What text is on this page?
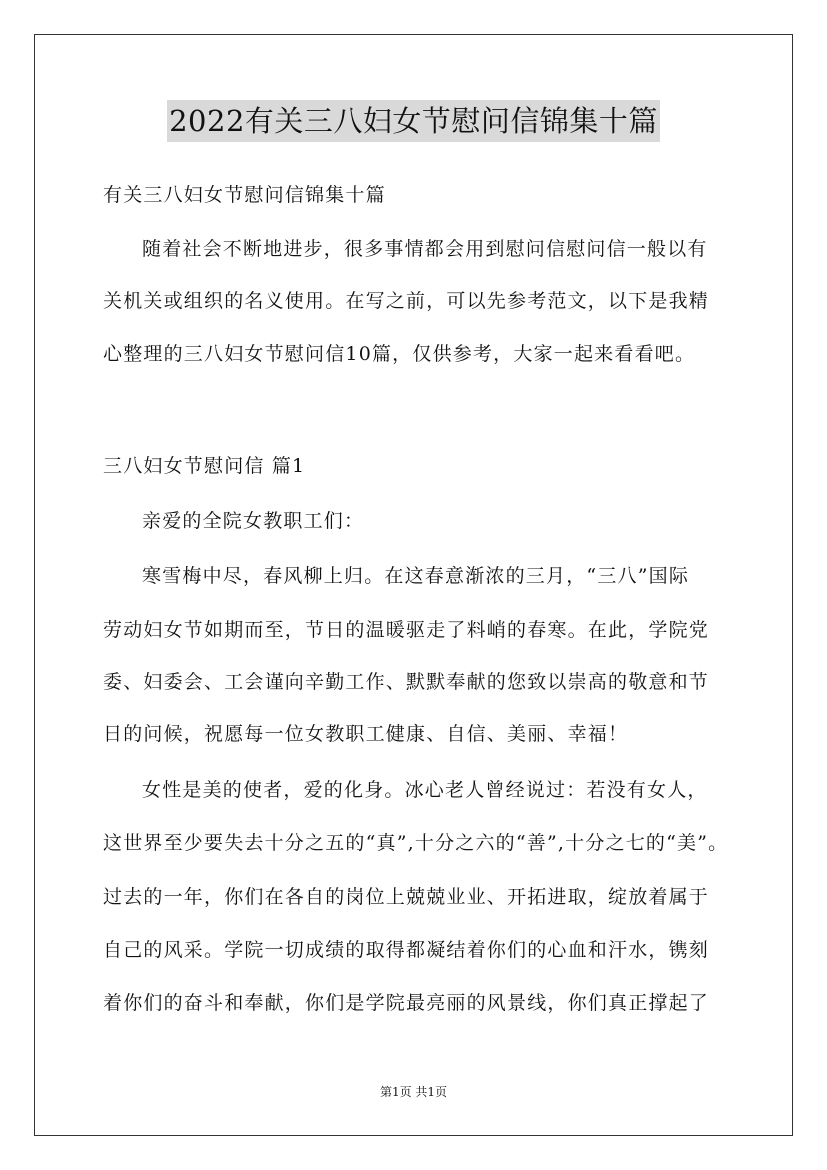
2022有关三八妇女节慰问信锦集十篇
有关三八妇女节慰问信锦集十篇
随着社会不断地进步，很多事情都会用到慰问信慰问信一般以有
关机关或组织的名义使用。在写之前，可以先参考范文，以下是我精
心整理的三八妇女节慰问信10篇，仅供参考，大家一起来看看吧。
三八妇女节慰问信 篇1
亲爱的全院女教职工们：
寒雪梅中尽，春风柳上归。在这春意渐浓的三月，“三八”国际
劳动妇女节如期而至，节日的温暖驱走了料峭的春寒。在此，学院党
委、妇委会、工会谨向辛勤工作、默默奉献的您致以崇高的敬意和节
日的问候，祝愿每一位女教职工健康、自信、美丽、幸福！
女性是美的使者，爱的化身。冰心老人曾经说过：若没有女人，
这世界至少要失去十分之五的“真”,十分之六的“善”,十分之七的“美”。
过去的一年，你们在各自的岗位上兢兢业业、开拓进取，绽放着属于
自己的风采。学院一切成绩的取得都凝结着你们的心血和汗水，镌刻
着你们的奋斗和奉献，你们是学院最亮丽的风景线，你们真正撑起了
第1页 共1页
